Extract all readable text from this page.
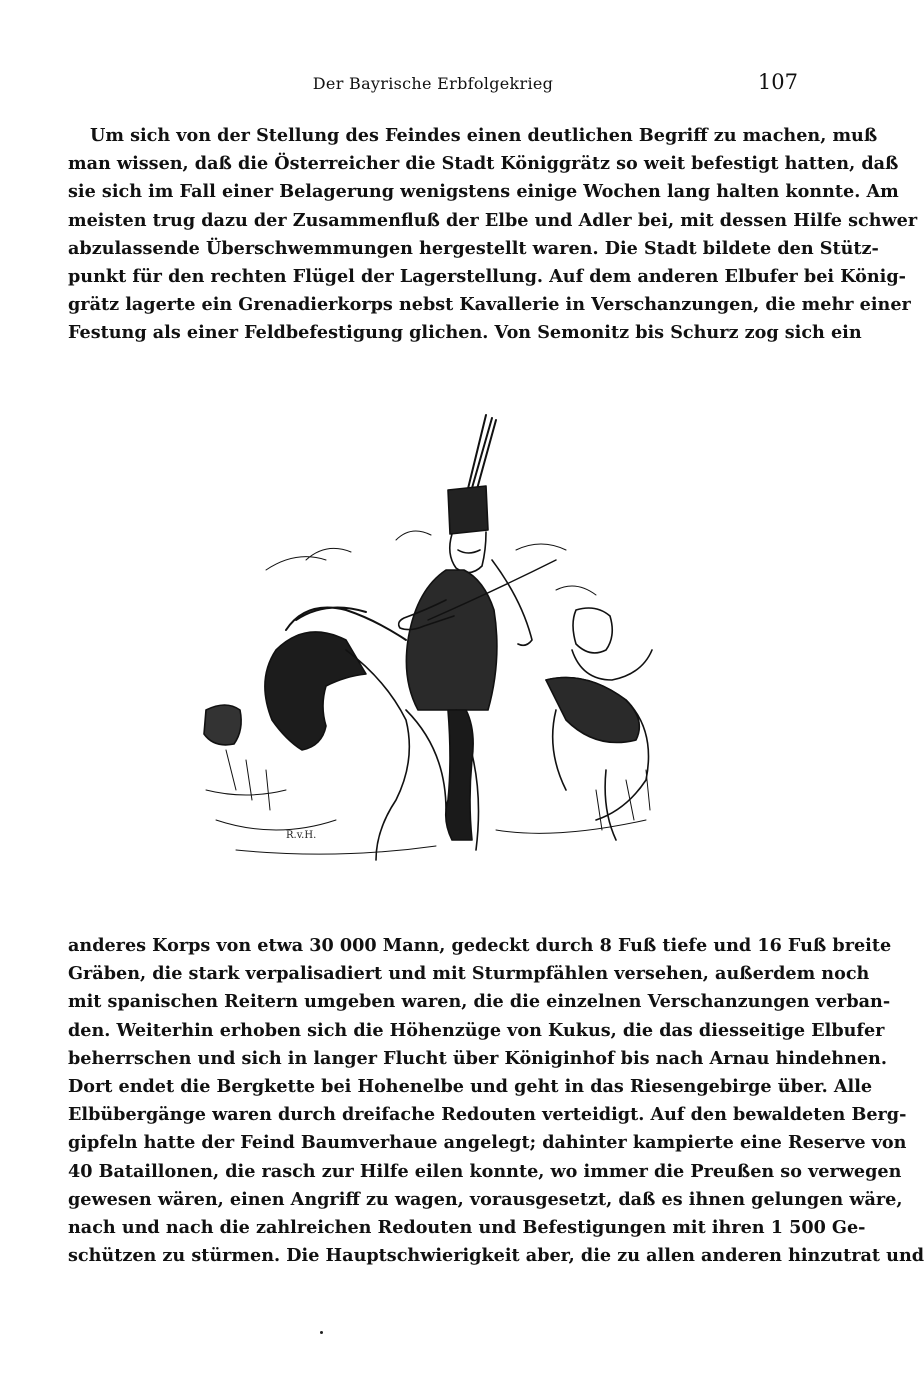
Der Bayrische Erbfolgekrieg	107
Um sich von der Stellung des Feindes einen deutlichen Begriff zu machen, muß
man wissen, daß die Österreicher die Stadt Königgrätz so weit befestigt hatten, daß
sie sich im Fall einer Belagerung wenigstens einige Wochen lang halten konnte. Am
meisten trug dazu der Zusammenfluß der Elbe und Adler bei, mit dessen Hilfe schwer
abzulassende Überschwemmungen hergestellt waren. Die Stadt bildete den Stütz-
punkt für den rechten Flügel der Lagerstellung. Auf dem anderen Elbufer bei König-
grätz lagerte ein Grenadierkorps nebst Kavallerie in Verschanzungen, die mehr einer
Festung als einer Feldbefestigung glichen. Von Semonitz bis Schurz zog sich ein
R.v.H.
anderes Korps von etwa 30 000 Mann, gedeckt durch 8 Fuß tiefe und 16 Fuß breite
Gräben, die stark verpalisadiert und mit Sturmpfählen versehen, außerdem noch
mit spanischen Reitern umgeben waren, die die einzelnen Verschanzungen verban-
den. Weiterhin erhoben sich die Höhenzüge von Kukus, die das diesseitige Elbufer
beherrschen und sich in langer Flucht über Königinhof bis nach Arnau hindehnen.
Dort endet die Bergkette bei Hohenelbe und geht in das Riesengebirge über. Alle
Elbübergänge waren durch dreifache Redouten verteidigt. Auf den bewaldeten Berg-
gipfeln hatte der Feind Baumverhaue angelegt; dahinter kampierte eine Reserve von
40 Bataillonen, die rasch zur Hilfe eilen konnte, wo immer die Preußen so verwegen
gewesen wären, einen Angriff zu wagen, vorausgesetzt, daß es ihnen gelungen wäre,
nach und nach die zahlreichen Redouten und Befestigungen mit ihren 1 500 Ge-
schützen zu stürmen. Die Hauptschwierigkeit aber, die zu allen anderen hinzutrat und
